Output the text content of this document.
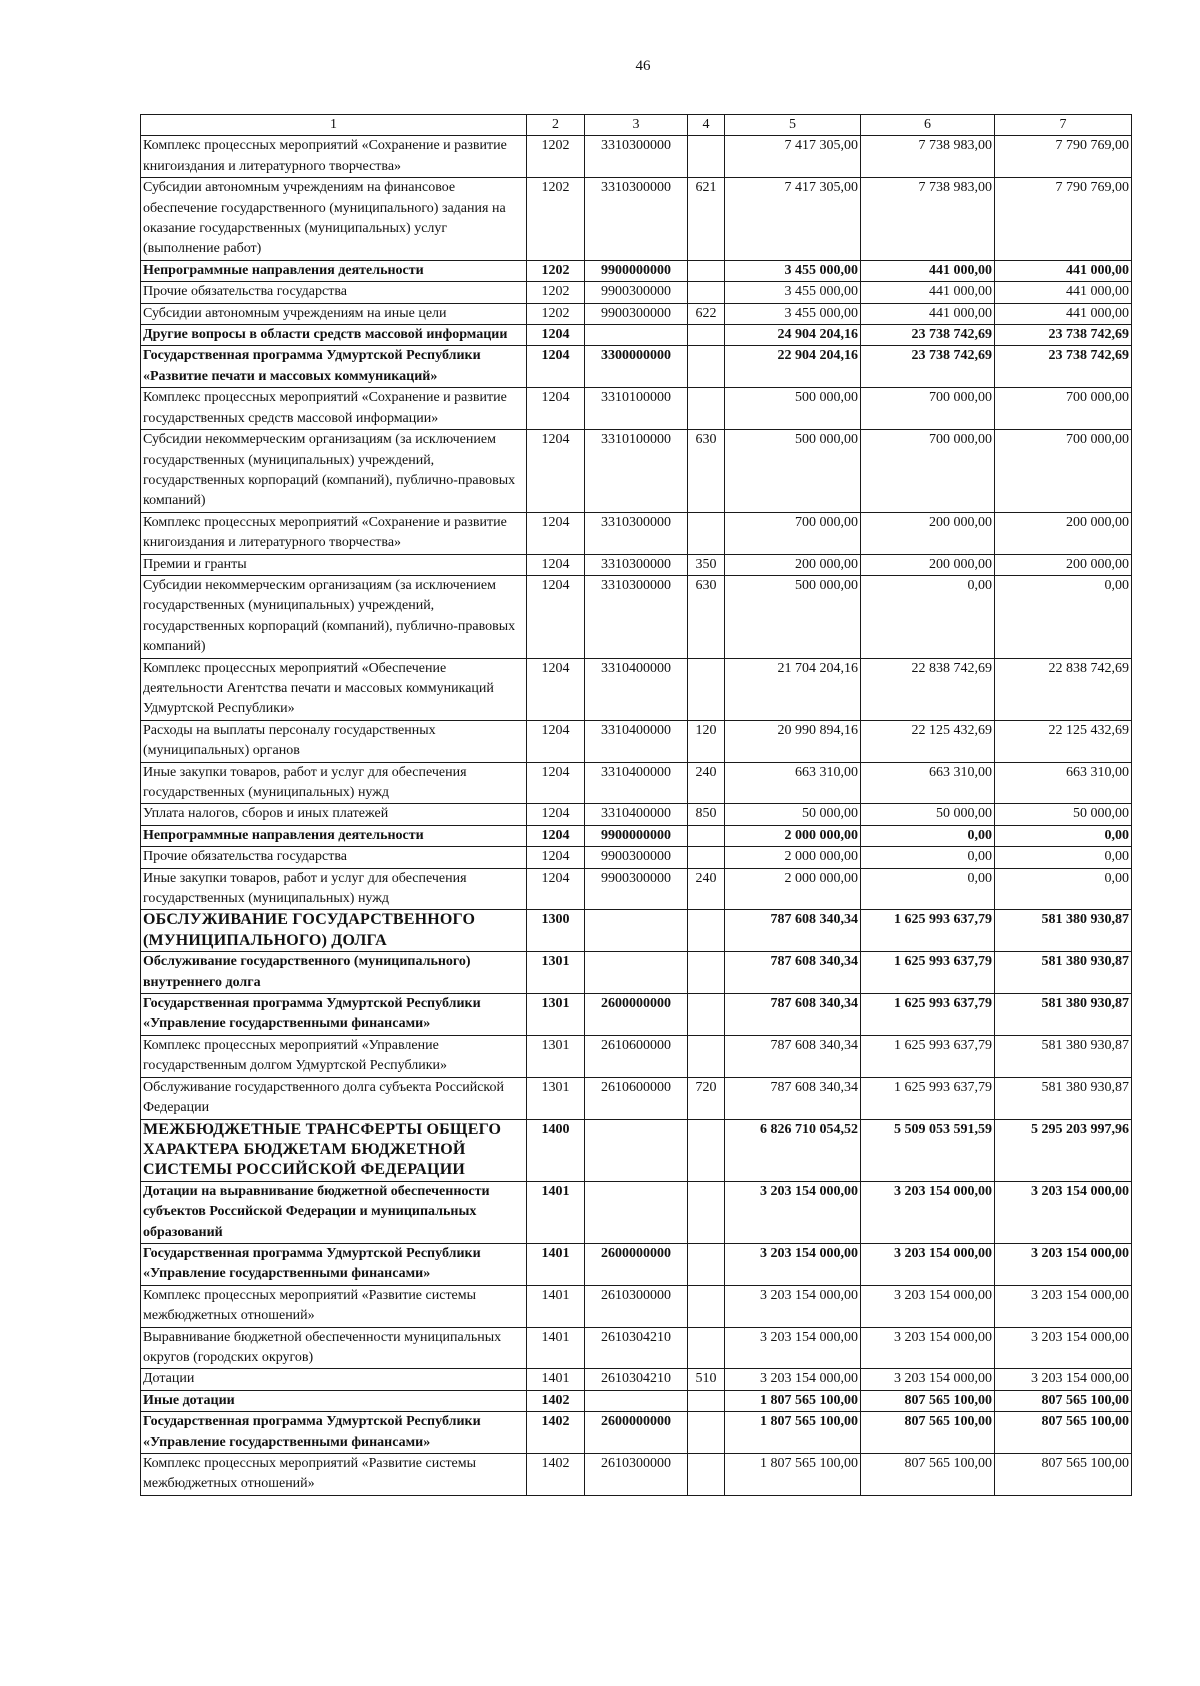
46
1	2	3	4	5	6	7
Комплекс процессных мероприятий «Сохранение и развитие книгоиздания и литературного творчества»	1202	3310300000		7 417 305,00	7 738 983,00	7 790 769,00
Субсидии автономным учреждениям на финансовое обеспечение государственного (муниципального) задания на оказание государственных (муниципальных) услуг (выполнение работ)	1202	3310300000	621	7 417 305,00	7 738 983,00	7 790 769,00
Непрограммные направления деятельности	1202	9900000000		3 455 000,00	441 000,00	441 000,00
Прочие обязательства государства	1202	9900300000		3 455 000,00	441 000,00	441 000,00
Субсидии автономным учреждениям на иные цели	1202	9900300000	622	3 455 000,00	441 000,00	441 000,00
Другие вопросы в области средств массовой информации	1204			24 904 204,16	23 738 742,69	23 738 742,69
Государственная программа Удмуртской Республики «Развитие печати и массовых коммуникаций»	1204	3300000000		22 904 204,16	23 738 742,69	23 738 742,69
Комплекс процессных мероприятий «Сохранение и развитие государственных средств массовой информации»	1204	3310100000		500 000,00	700 000,00	700 000,00
Субсидии некоммерческим организациям (за исключением государственных (муниципальных) учреждений, государственных корпораций (компаний), публично-правовых компаний)	1204	3310100000	630	500 000,00	700 000,00	700 000,00
Комплекс процессных мероприятий «Сохранение и развитие книгоиздания и литературного творчества»	1204	3310300000		700 000,00	200 000,00	200 000,00
Премии и гранты	1204	3310300000	350	200 000,00	200 000,00	200 000,00
Субсидии некоммерческим организациям (за исключением государственных (муниципальных) учреждений, государственных корпораций (компаний), публично-правовых компаний)	1204	3310300000	630	500 000,00	0,00	0,00
Комплекс процессных мероприятий «Обеспечение деятельности Агентства печати и массовых коммуникаций Удмуртской Республики»	1204	3310400000		21 704 204,16	22 838 742,69	22 838 742,69
Расходы на выплаты персоналу государственных (муниципальных) органов	1204	3310400000	120	20 990 894,16	22 125 432,69	22 125 432,69
Иные закупки товаров, работ и услуг для обеспечения государственных (муниципальных) нужд	1204	3310400000	240	663 310,00	663 310,00	663 310,00
Уплата налогов, сборов и иных платежей	1204	3310400000	850	50 000,00	50 000,00	50 000,00
Непрограммные направления деятельности	1204	9900000000		2 000 000,00	0,00	0,00
Прочие обязательства государства	1204	9900300000		2 000 000,00	0,00	0,00
Иные закупки товаров, работ и услуг для обеспечения государственных (муниципальных) нужд	1204	9900300000	240	2 000 000,00	0,00	0,00
ОБСЛУЖИВАНИЕ ГОСУДАРСТВЕННОГО (МУНИЦИПАЛЬНОГО) ДОЛГА	1300			787 608 340,34	1 625 993 637,79	581 380 930,87
Обслуживание государственного (муниципального) внутреннего долга	1301			787 608 340,34	1 625 993 637,79	581 380 930,87
Государственная программа Удмуртской Республики «Управление государственными финансами»	1301	2600000000		787 608 340,34	1 625 993 637,79	581 380 930,87
Комплекс процессных мероприятий «Управление государственным долгом Удмуртской Республики»	1301	2610600000		787 608 340,34	1 625 993 637,79	581 380 930,87
Обслуживание государственного долга субъекта Российской Федерации	1301	2610600000	720	787 608 340,34	1 625 993 637,79	581 380 930,87
МЕЖБЮДЖЕТНЫЕ ТРАНСФЕРТЫ ОБЩЕГО ХАРАКТЕРА БЮДЖЕТАМ БЮДЖЕТНОЙ СИСТЕМЫ РОССИЙСКОЙ ФЕДЕРАЦИИ	1400			6 826 710 054,52	5 509 053 591,59	5 295 203 997,96
Дотации на выравнивание бюджетной обеспеченности субъектов Российской Федерации и муниципальных образований	1401			3 203 154 000,00	3 203 154 000,00	3 203 154 000,00
Государственная программа Удмуртской Республики «Управление государственными финансами»	1401	2600000000		3 203 154 000,00	3 203 154 000,00	3 203 154 000,00
Комплекс процессных мероприятий «Развитие системы межбюджетных отношений»	1401	2610300000		3 203 154 000,00	3 203 154 000,00	3 203 154 000,00
Выравнивание бюджетной обеспеченности муниципальных округов (городских округов)	1401	2610304210		3 203 154 000,00	3 203 154 000,00	3 203 154 000,00
Дотации	1401	2610304210	510	3 203 154 000,00	3 203 154 000,00	3 203 154 000,00
Иные дотации	1402			1 807 565 100,00	807 565 100,00	807 565 100,00
Государственная программа Удмуртской Республики «Управление государственными финансами»	1402	2600000000		1 807 565 100,00	807 565 100,00	807 565 100,00
Комплекс процессных мероприятий «Развитие системы межбюджетных отношений»	1402	2610300000		1 807 565 100,00	807 565 100,00	807 565 100,00
